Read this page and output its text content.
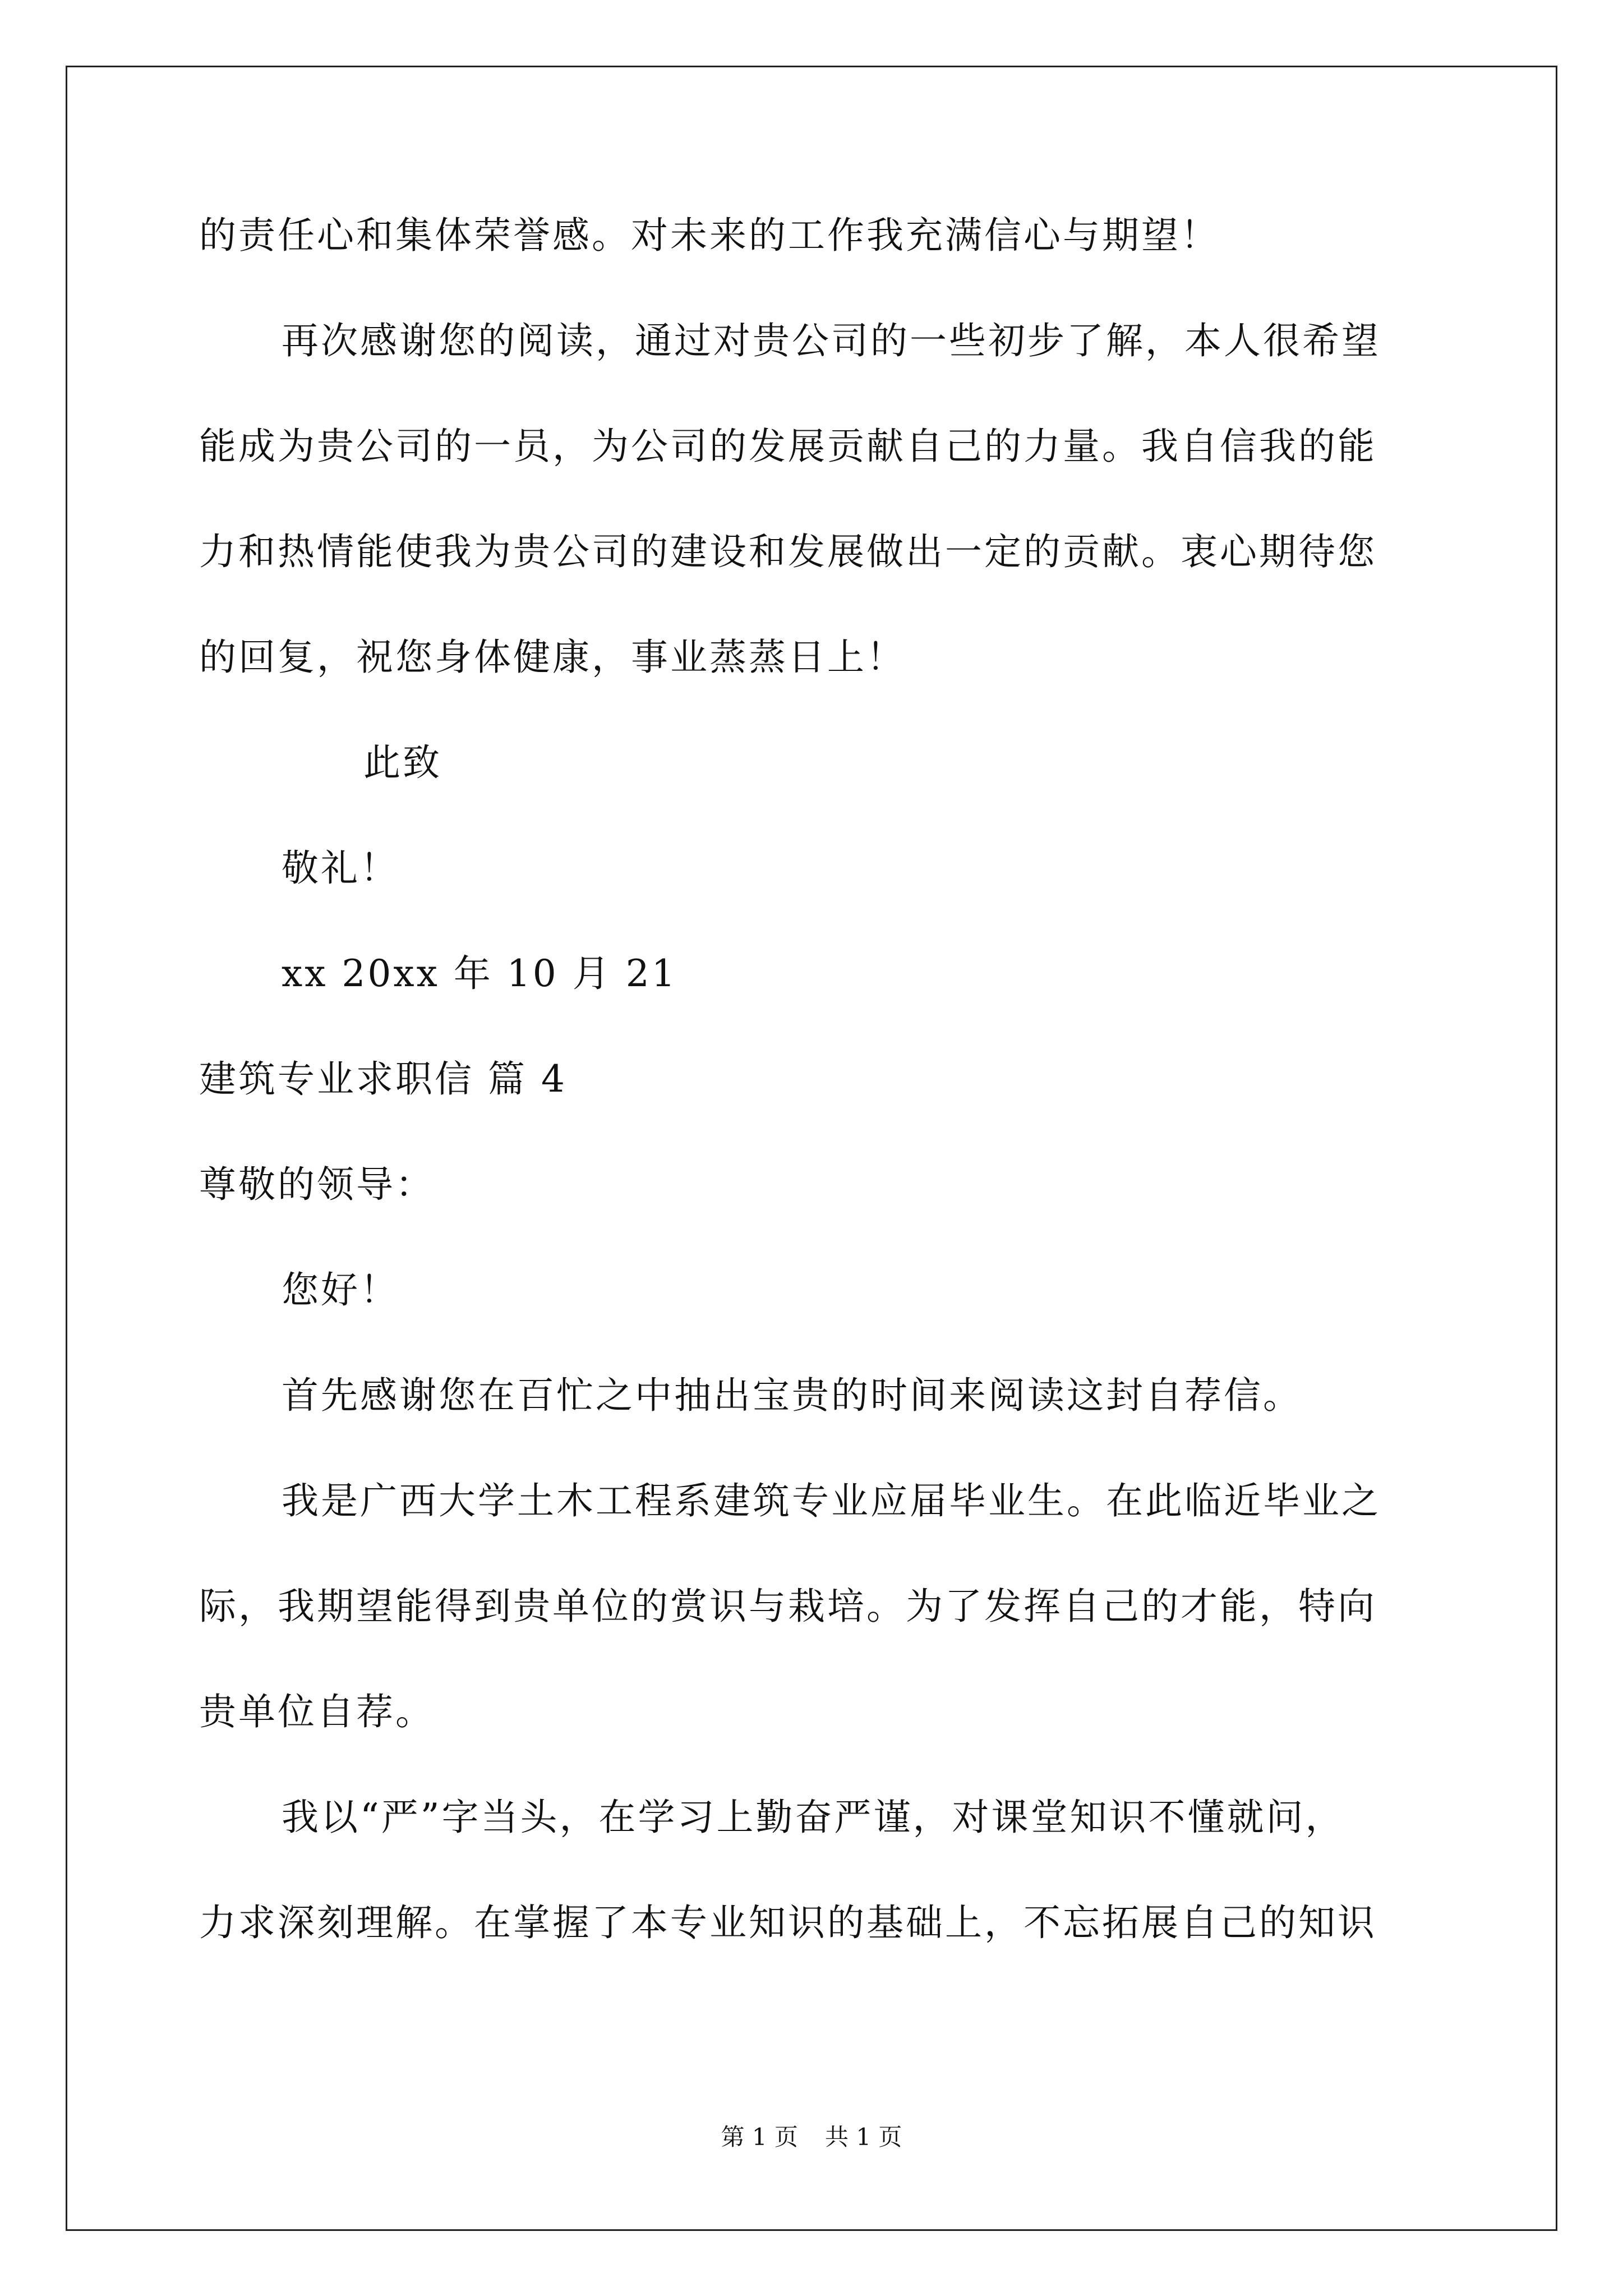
的责任心和集体荣誉感。对未来的工作我充满信心与期望！
再次感谢您的阅读，通过对贵公司的一些初步了解，本人很希望
能成为贵公司的一员，为公司的发展贡献自己的力量。我自信我的能
力和热情能使我为贵公司的建设和发展做出一定的贡献。衷心期待您
的回复，祝您身体健康，事业蒸蒸日上！
此致
敬礼！
xx 20xx 年 10 月 21
建筑专业求职信 篇 4
尊敬的领导：
您好！
首先感谢您在百忙之中抽出宝贵的时间来阅读这封自荐信。
我是广西大学土木工程系建筑专业应届毕业生。在此临近毕业之
际，我期望能得到贵单位的赏识与栽培。为了发挥自己的才能，特向
贵单位自荐。
我以“严”字当头，在学习上勤奋严谨，对课堂知识不懂就问，
力求深刻理解。在掌握了本专业知识的基础上，不忘拓展自己的知识
第 1 页 共 1 页
